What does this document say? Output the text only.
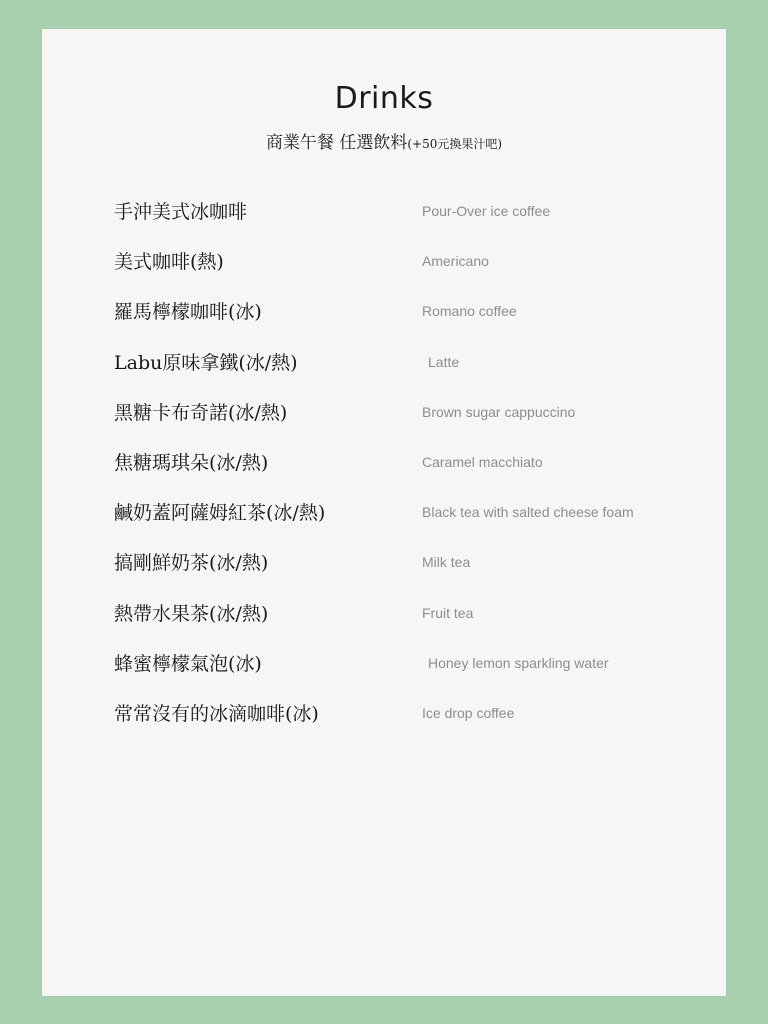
Drinks
商業午餐 任選飲料(+50元換果汁吧)
手沖美式冰咖啡	Pour-Over ice coffee
美式咖啡(熱)	Americano
羅馬檸檬咖啡(冰)	Romano coffee
Labu原味拿鐵(冰/熱)	Latte
黑糖卡布奇諾(冰/熱)	Brown sugar cappuccino
焦糖瑪琪朵(冰/熱)	Caramel macchiato
鹹奶蓋阿薩姆紅茶(冰/熱)	Black tea with salted cheese foam
搞剛鮮奶茶(冰/熱)	Milk tea
熱帶水果茶(冰/熱)	Fruit tea
蜂蜜檸檬氣泡(冰)	Honey lemon sparkling water
常常沒有的冰滴咖啡(冰)	Ice drop coffee
